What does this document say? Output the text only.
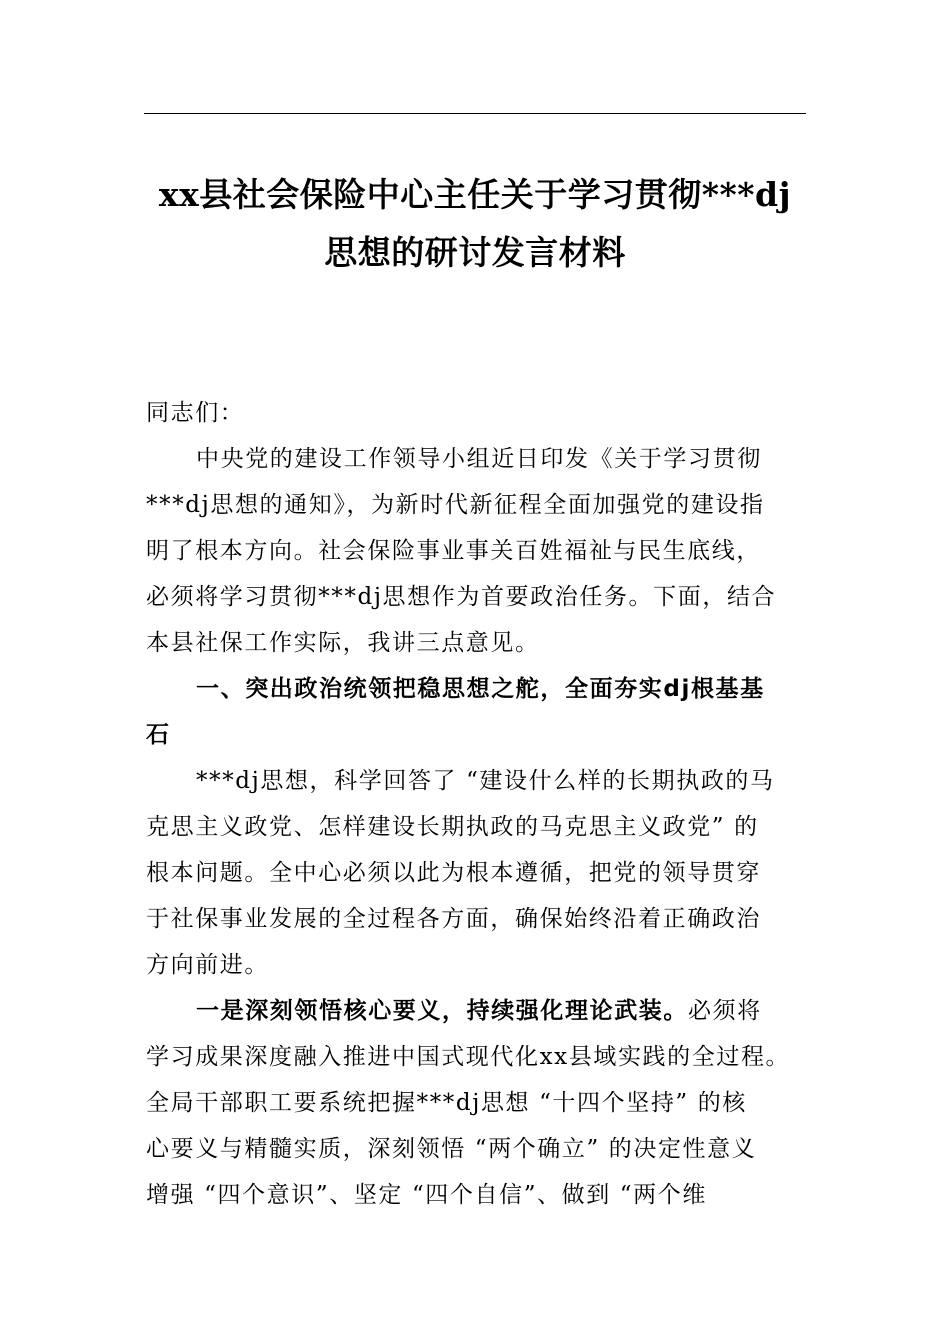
xx县社会保险中心主任关于学习贯彻***dj
思想的研讨发言材料
同志们：
中央党的建设工作领导小组近日印发《关于学习贯彻
***dj思想的通知》，为新时代新征程全面加强党的建设指
明了根本方向。社会保险事业事关百姓福祉与民生底线，
必须将学习贯彻***dj思想作为首要政治任务。下面，结合
本县社保工作实际，我讲三点意见。
一、突出政治统领把稳思想之舵，全面夯实dj根基基
石
***dj思想，科学回答了 “建设什么样的长期执政的马
克思主义政党、怎样建设长期执政的马克思主义政党” 的
根本问题。全中心必须以此为根本遵循，把党的领导贯穿
于社保事业发展的全过程各方面，确保始终沿着正确政治
方向前进。
一是深刻领悟核心要义，持续强化理论武装。必须将
学习成果深度融入推进中国式现代化xx县域实践的全过程。
全局干部职工要系统把握***dj思想 “十四个坚持” 的核
心要义与精髓实质，深刻领悟 “两个确立” 的决定性意义
增强 “四个意识”、坚定 “四个自信”、做到 “两个维
